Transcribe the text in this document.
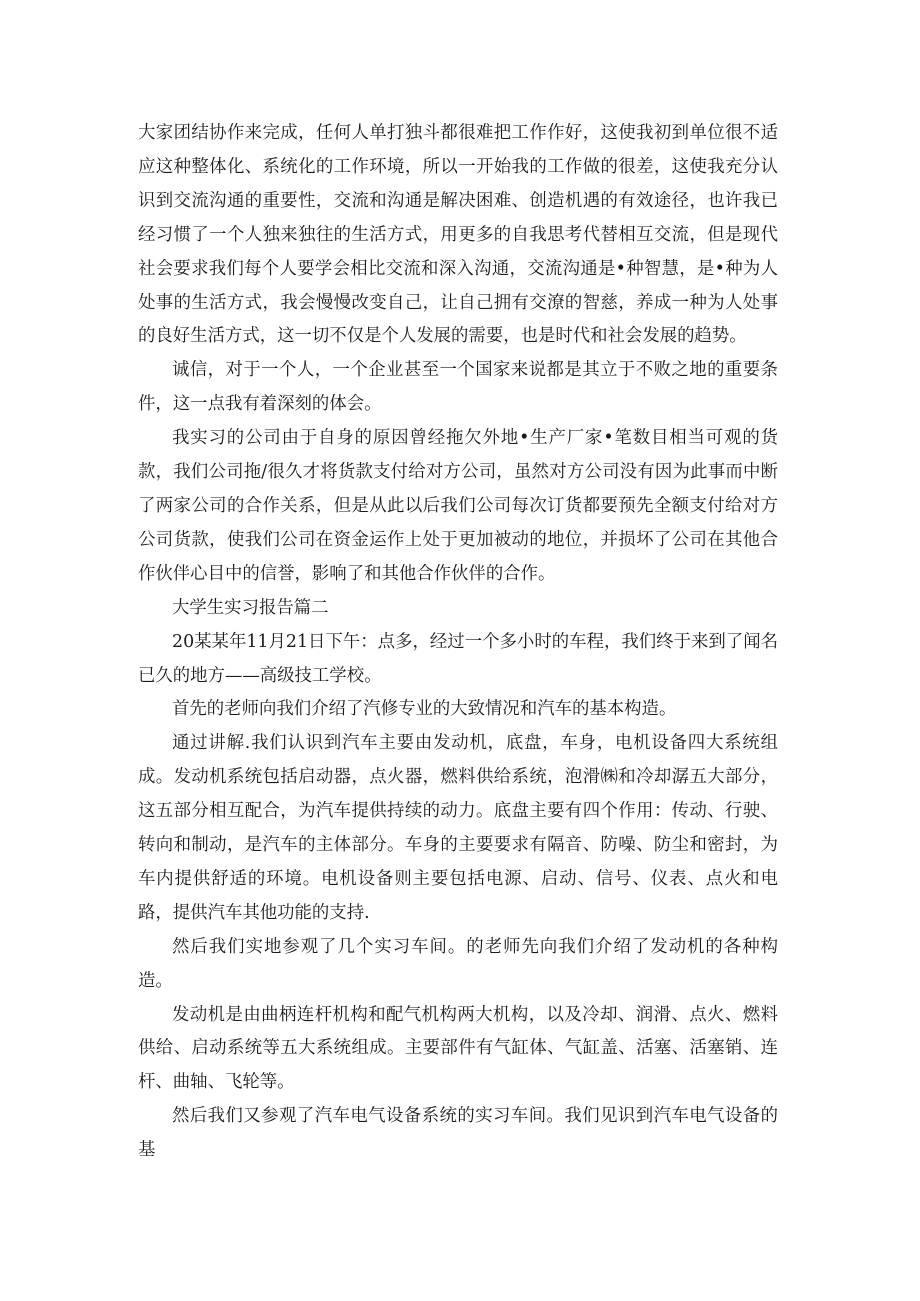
大家团结协作来完成，任何人单打独斗都很难把工作作好，这使我初到单位很不适应这种整体化、系统化的工作环境，所以一开始我的工作做的很差，这使我充分认识到交流沟通的重要性，交流和沟通是解决困难、创造机遇的有效途径，也许我已经习惯了一个人独来独往的生活方式，用更多的自我思考代替相互交流，但是现代社会要求我们每个人要学会相比交流和深入沟通，交流沟通是•种智慧，是•种为人处事的生活方式，我会慢慢改变自己，让自己拥有交潦的智慈，养成一种为人处事的良好生活方式，这一切不仅是个人发展的需要，也是时代和社会发展的趋势。

诚信，对于一个人，一个企业甚至一个国家来说都是其立于不败之地的重要条件，这一点我有着深刻的体会。

我实习的公司由于自身的原因曾经拖欠外地•生产厂家•笔数目相当可观的货款，我们公司拖/很久才将货款支付给对方公司，虽然对方公司没有因为此事而中断了两家公司的合作关系，但是从此以后我们公司每次订货都要预先全额支付给对方公司货款，使我们公司在资金运作上处于更加被动的地位，并损坏了公司在其他合作伙伴心目中的信誉，影响了和其他合作伙伴的合作。

大学生实习报告篇二

20某某年11月21日下午：点多，经过一个多小时的车程，我们终于来到了闻名已久的地方——高级技工学校。

首先的老师向我们介绍了汽修专业的大致情况和汽车的基本构造。

通过讲解.我们认识到汽车主要由发动机，底盘，车身，电机设备四大系统组成。发动机系统包括启动器，点火器，燃料供给系统，泡滑㈱和冷却潺五大部分，这五部分相互配合，为汽车提供持续的动力。底盘主要有四个作用：传动、行驶、转向和制动，是汽车的主体部分。车身的主要要求有隔音、防噪、防尘和密封，为车内提供舒适的环境。电机设备则主要包括电源、启动、信号、仪表、点火和电路，提供汽车其他功能的支持.

然后我们实地参观了几个实习车间。的老师先向我们介绍了发动机的各种构造。

发动机是由曲柄连杆机构和配气机构两大机构，以及冷却、润滑、点火、燃料供给、启动系统等五大系统组成。主要部件有气缸体、气缸盖、活塞、活塞销、连杆、曲轴、飞轮等。

然后我们又参观了汽车电气设备系统的实习车间。我们见识到汽车电气设备的基
